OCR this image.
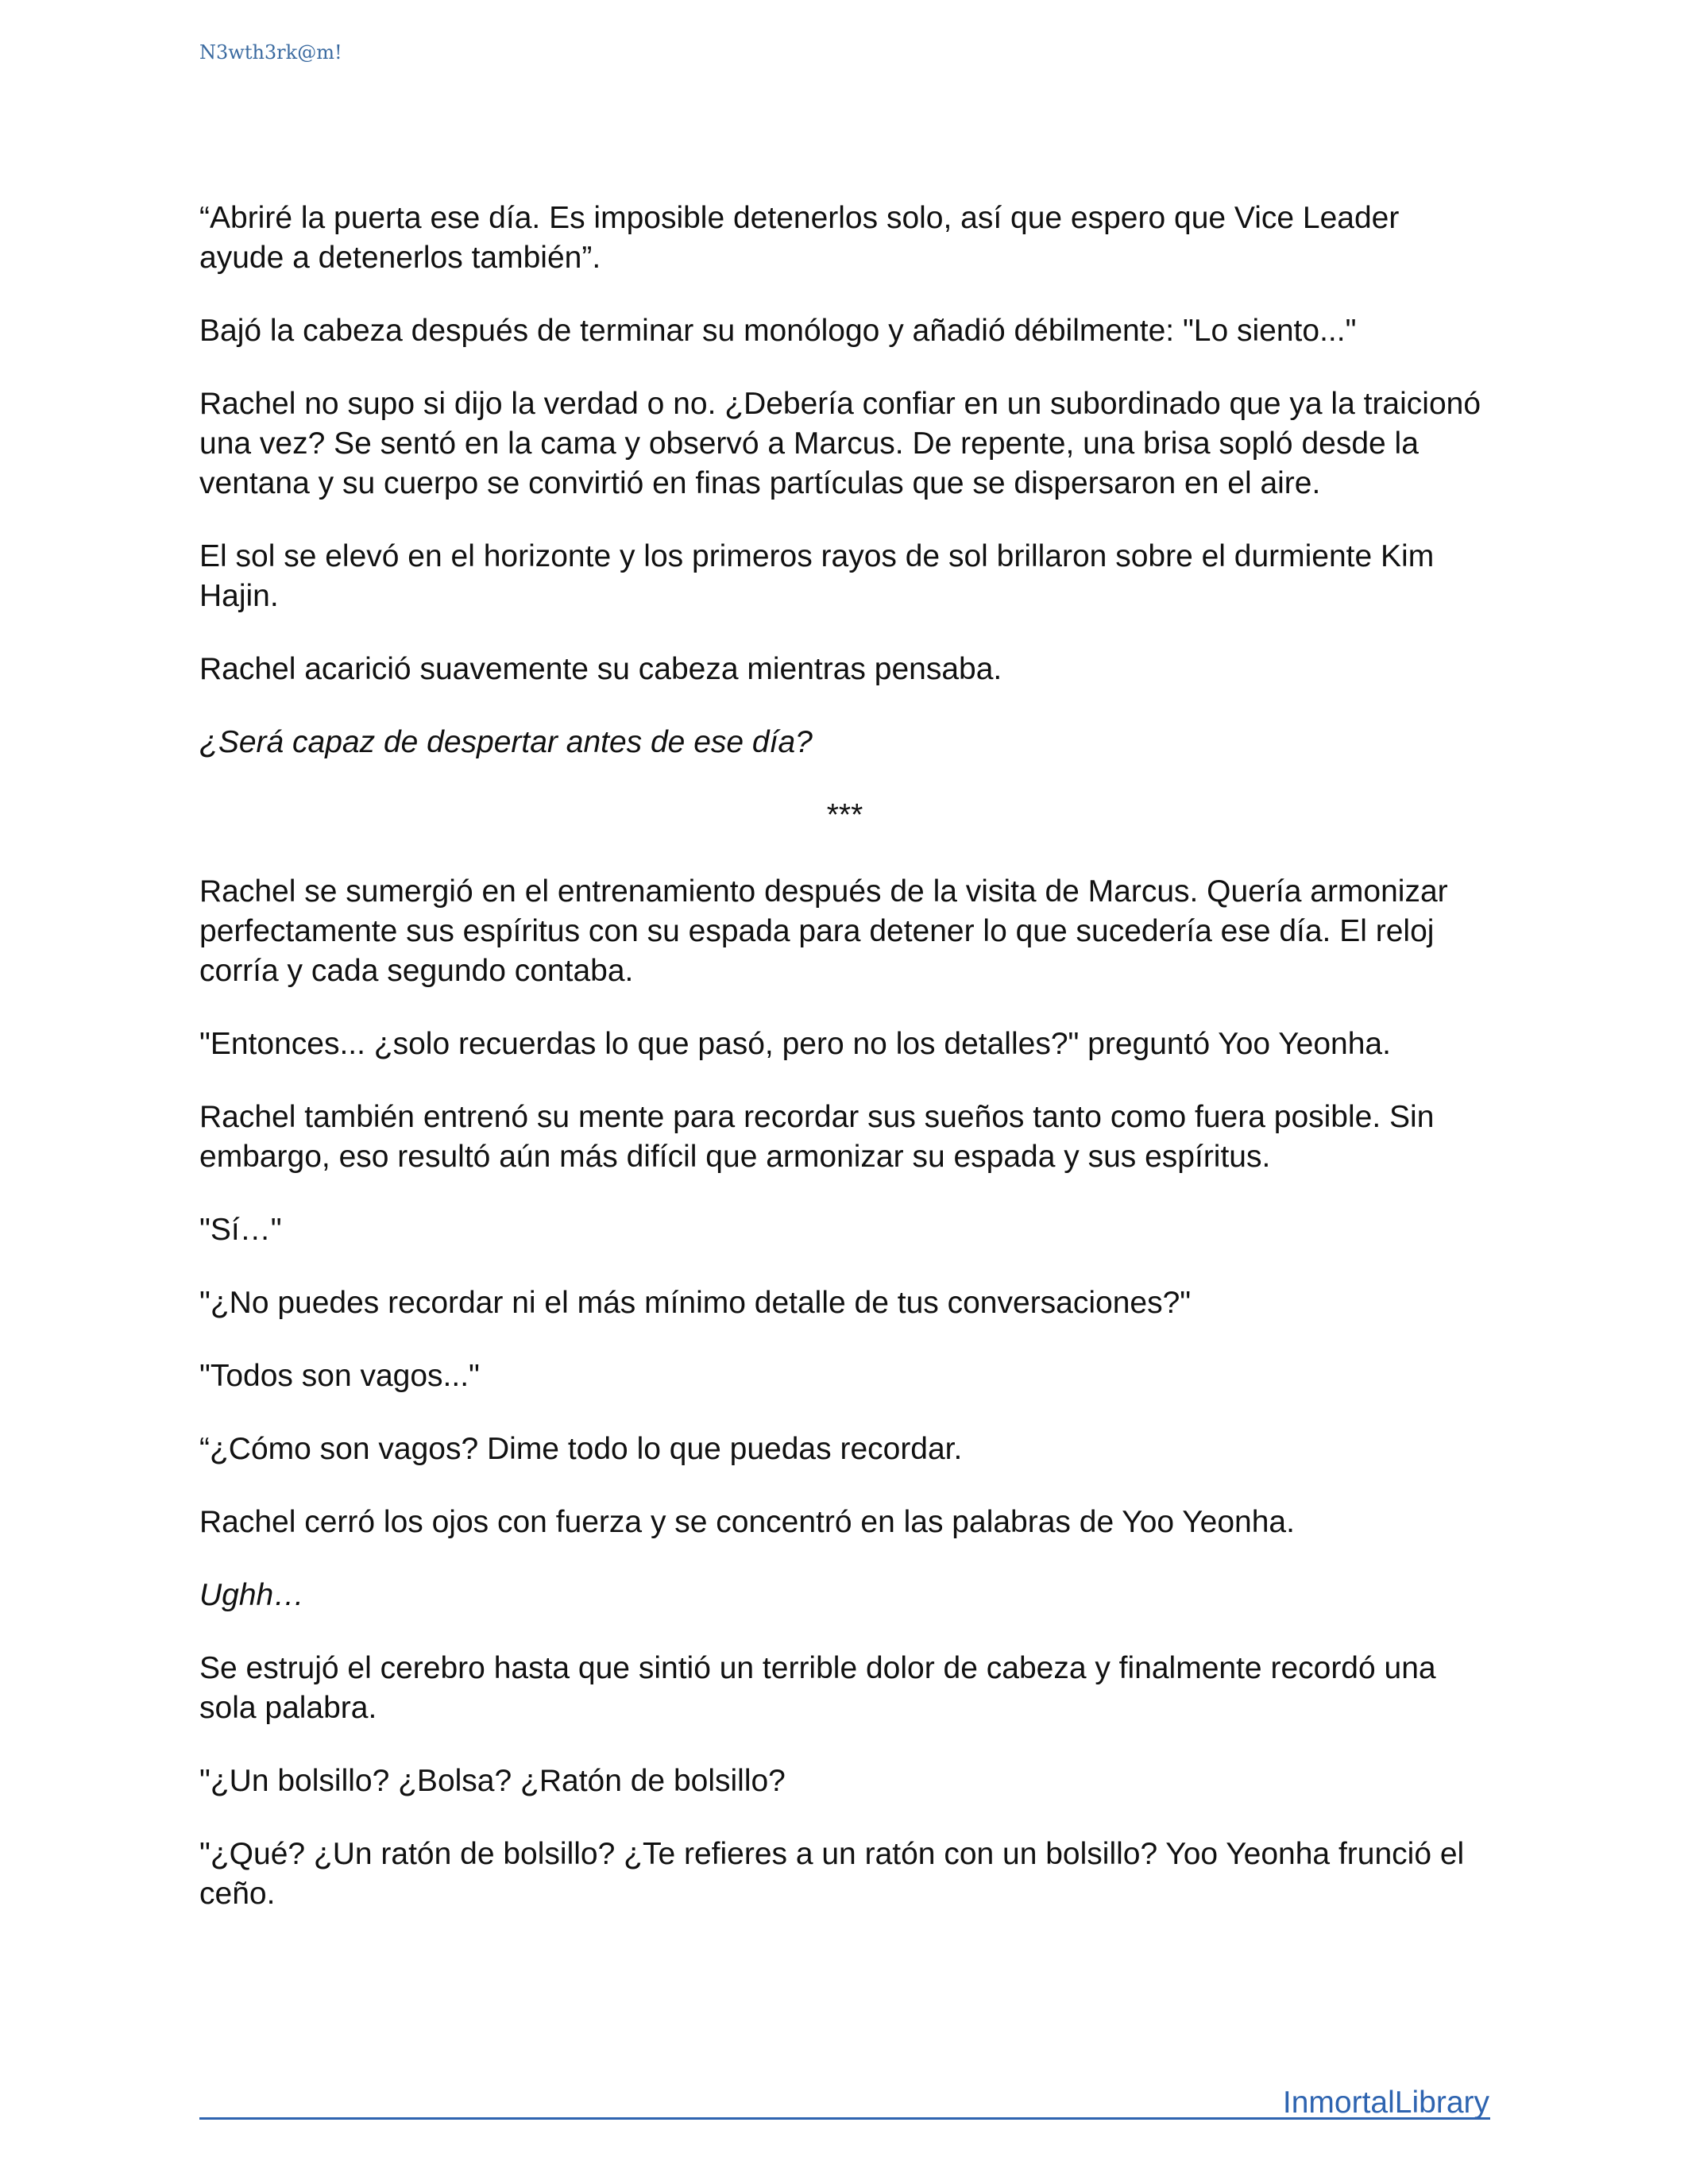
N3wth3rk@m!

“Abriré la puerta ese día. Es imposible detenerlos solo, así que espero que Vice Leader ayude a detenerlos también”.

Bajó la cabeza después de terminar su monólogo y añadió débilmente: "Lo siento..."

Rachel no supo si dijo la verdad o no. ¿Debería confiar en un subordinado que ya la traicionó una vez? Se sentó en la cama y observó a Marcus. De repente, una brisa sopló desde la ventana y su cuerpo se convirtió en finas partículas que se dispersaron en el aire.

El sol se elevó en el horizonte y los primeros rayos de sol brillaron sobre el durmiente Kim Hajin.

Rachel acarició suavemente su cabeza mientras pensaba.

¿Será capaz de despertar antes de ese día?

***

Rachel se sumergió en el entrenamiento después de la visita de Marcus. Quería armonizar perfectamente sus espíritus con su espada para detener lo que sucedería ese día. El reloj corría y cada segundo contaba.

"Entonces... ¿solo recuerdas lo que pasó, pero no los detalles?" preguntó Yoo Yeonha.

Rachel también entrenó su mente para recordar sus sueños tanto como fuera posible. Sin embargo, eso resultó aún más difícil que armonizar su espada y sus espíritus.

"Sí…"

"¿No puedes recordar ni el más mínimo detalle de tus conversaciones?"

"Todos son vagos..."

“¿Cómo son vagos? Dime todo lo que puedas recordar.

Rachel cerró los ojos con fuerza y se concentró en las palabras de Yoo Yeonha.

Ughh…

Se estrujó el cerebro hasta que sintió un terrible dolor de cabeza y finalmente recordó una sola palabra.

"¿Un bolsillo? ¿Bolsa? ¿Ratón de bolsillo?

"¿Qué? ¿Un ratón de bolsillo? ¿Te refieres a un ratón con un bolsillo? Yoo Yeonha frunció el ceño.

InmortalLibrary
